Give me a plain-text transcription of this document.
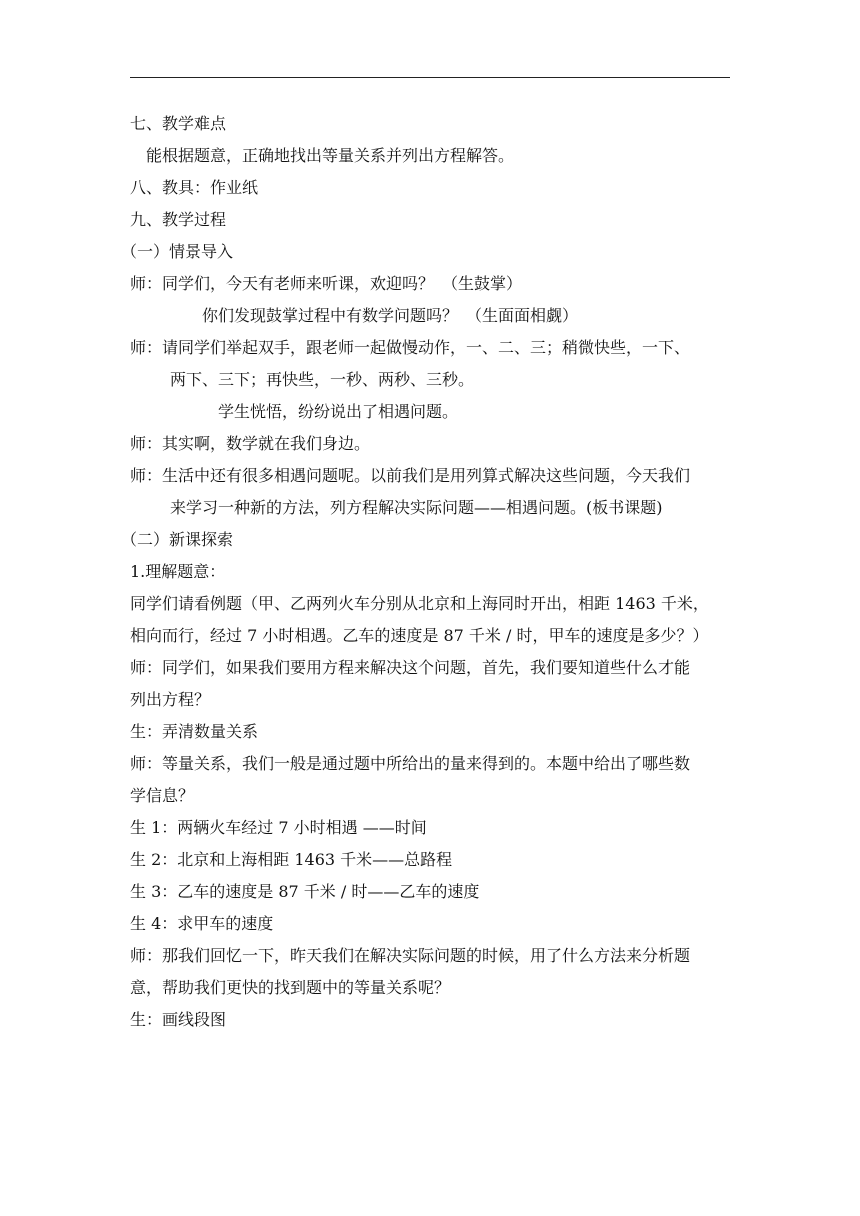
七、教学难点
能根据题意，正确地找出等量关系并列出方程解答。
八、教具：作业纸
九、教学过程
（一）情景导入
师：同学们，今天有老师来听课，欢迎吗？　（生鼓掌）
你们发现鼓掌过程中有数学问题吗？　（生面面相觑）
师：请同学们举起双手，跟老师一起做慢动作，一、二、三；稍微快些，一下、
两下、三下；再快些，一秒、两秒、三秒。
学生恍悟，纷纷说出了相遇问题。
师：其实啊，数学就在我们身边。
师：生活中还有很多相遇问题呢。以前我们是用列算式解决这些问题，今天我们
来学习一种新的方法，列方程解决实际问题——相遇问题。(板书课题)
（二）新课探索
1.理解题意：
同学们请看例题（甲、乙两列火车分别从北京和上海同时开出，相距 1463 千米，
相向而行，经过 7 小时相遇。乙车的速度是 87 千米 / 时，甲车的速度是多少？）
师：同学们，如果我们要用方程来解决这个问题，首先，我们要知道些什么才能
列出方程？
生：弄清数量关系
师：等量关系，我们一般是通过题中所给出的量来得到的。本题中给出了哪些数
学信息？
生 1：两辆火车经过 7 小时相遇 ——时间
生 2：北京和上海相距 1463 千米——总路程
生 3：乙车的速度是 87 千米 / 时——乙车的速度
生 4：求甲车的速度
师：那我们回忆一下，昨天我们在解决实际问题的时候，用了什么方法来分析题
意，帮助我们更快的找到题中的等量关系呢？
生：画线段图
